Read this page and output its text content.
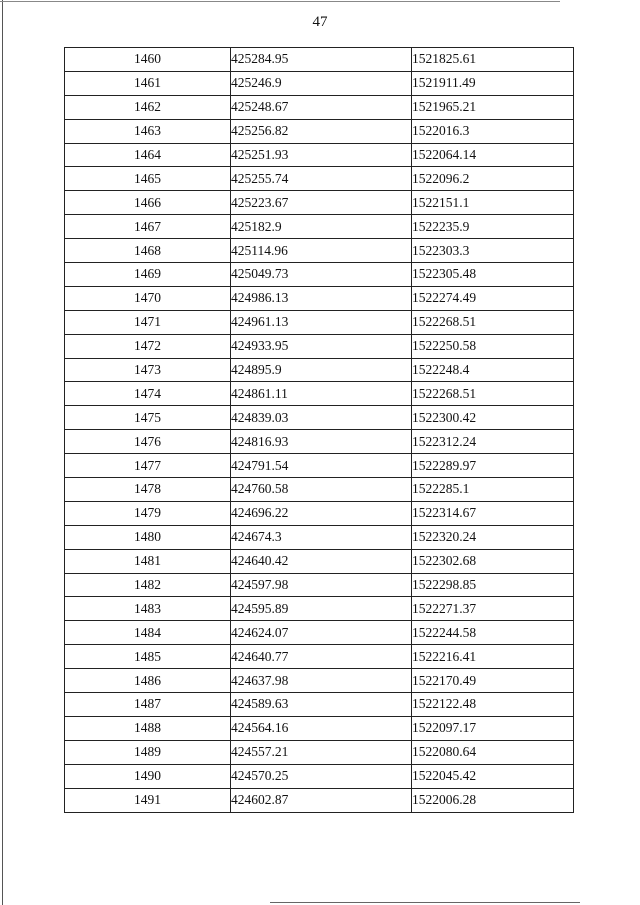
47
1460	425284.95	1521825.61
1461	425246.9	1521911.49
1462	425248.67	1521965.21
1463	425256.82	1522016.3
1464	425251.93	1522064.14
1465	425255.74	1522096.2
1466	425223.67	1522151.1
1467	425182.9	1522235.9
1468	425114.96	1522303.3
1469	425049.73	1522305.48
1470	424986.13	1522274.49
1471	424961.13	1522268.51
1472	424933.95	1522250.58
1473	424895.9	1522248.4
1474	424861.11	1522268.51
1475	424839.03	1522300.42
1476	424816.93	1522312.24
1477	424791.54	1522289.97
1478	424760.58	1522285.1
1479	424696.22	1522314.67
1480	424674.3	1522320.24
1481	424640.42	1522302.68
1482	424597.98	1522298.85
1483	424595.89	1522271.37
1484	424624.07	1522244.58
1485	424640.77	1522216.41
1486	424637.98	1522170.49
1487	424589.63	1522122.48
1488	424564.16	1522097.17
1489	424557.21	1522080.64
1490	424570.25	1522045.42
1491	424602.87	1522006.28
